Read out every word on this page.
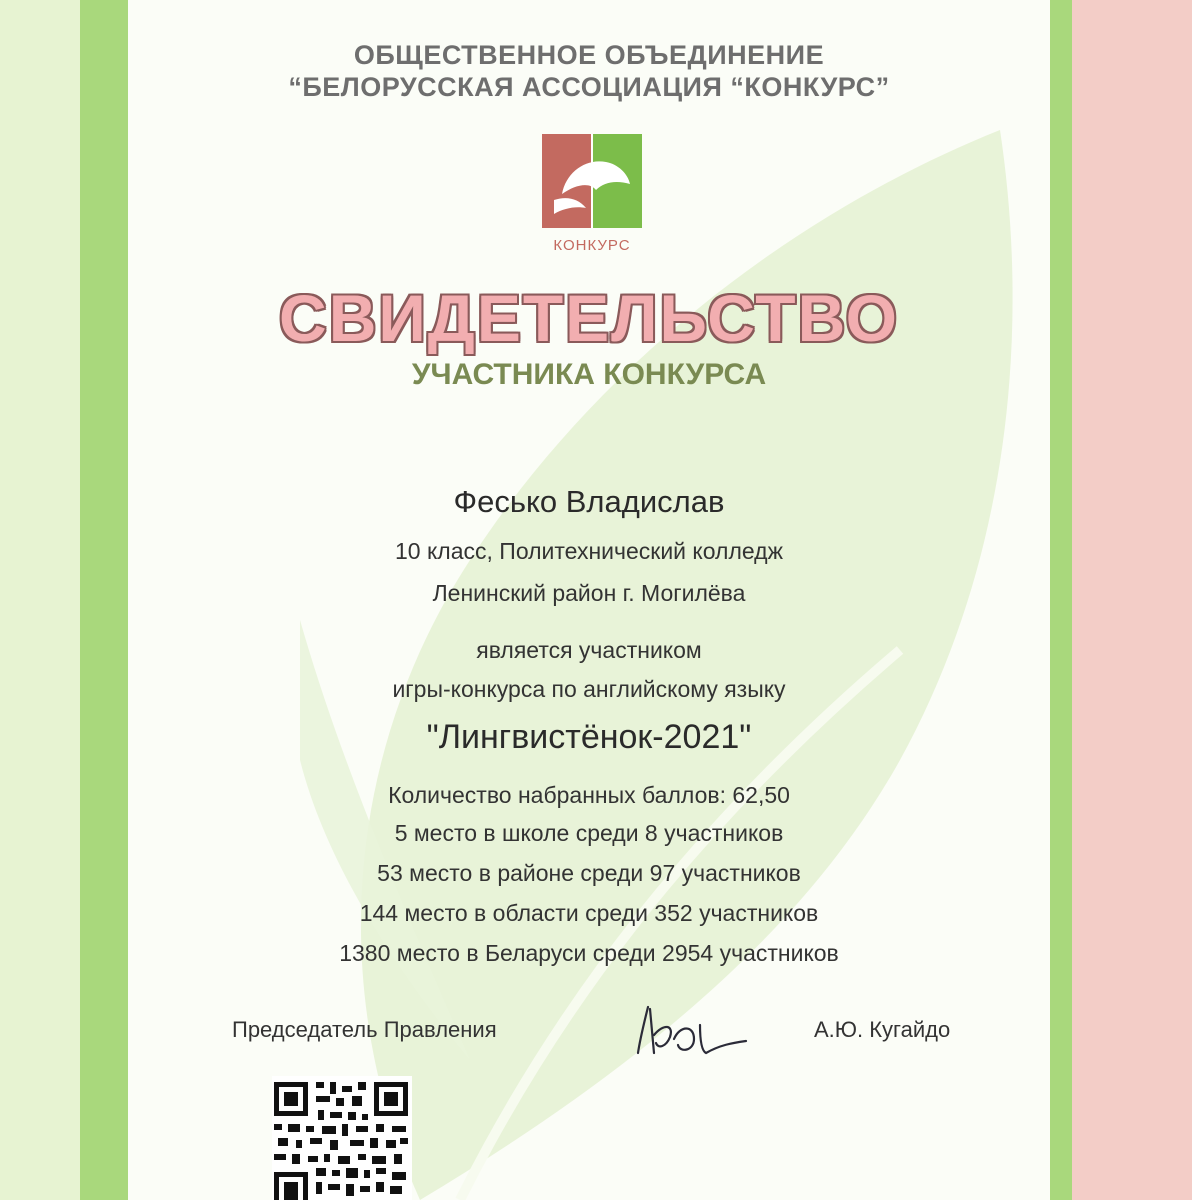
ОБЩЕСТВЕННОЕ ОБЪЕДИНЕНИЕ
“БЕЛОРУССКАЯ АССОЦИАЦИЯ “КОНКУРС”
КОНКУРС
СВИДЕТЕЛЬСТВО
УЧАСТНИКА КОНКУРСА
Фесько Владислав
10 класс, Политехнический колледж
Ленинский район г. Могилёва
является участником
игры-конкурса по английскому языку
"Лингвистёнок-2021"
Количество набранных баллов: 62,50
5 место в школе среди 8 участников
53 место в районе среди 97 участников
144 место в области среди 352 участников
1380 место в Беларуси среди 2954 участников
Председатель Правления	А.Ю. Кугайдо
